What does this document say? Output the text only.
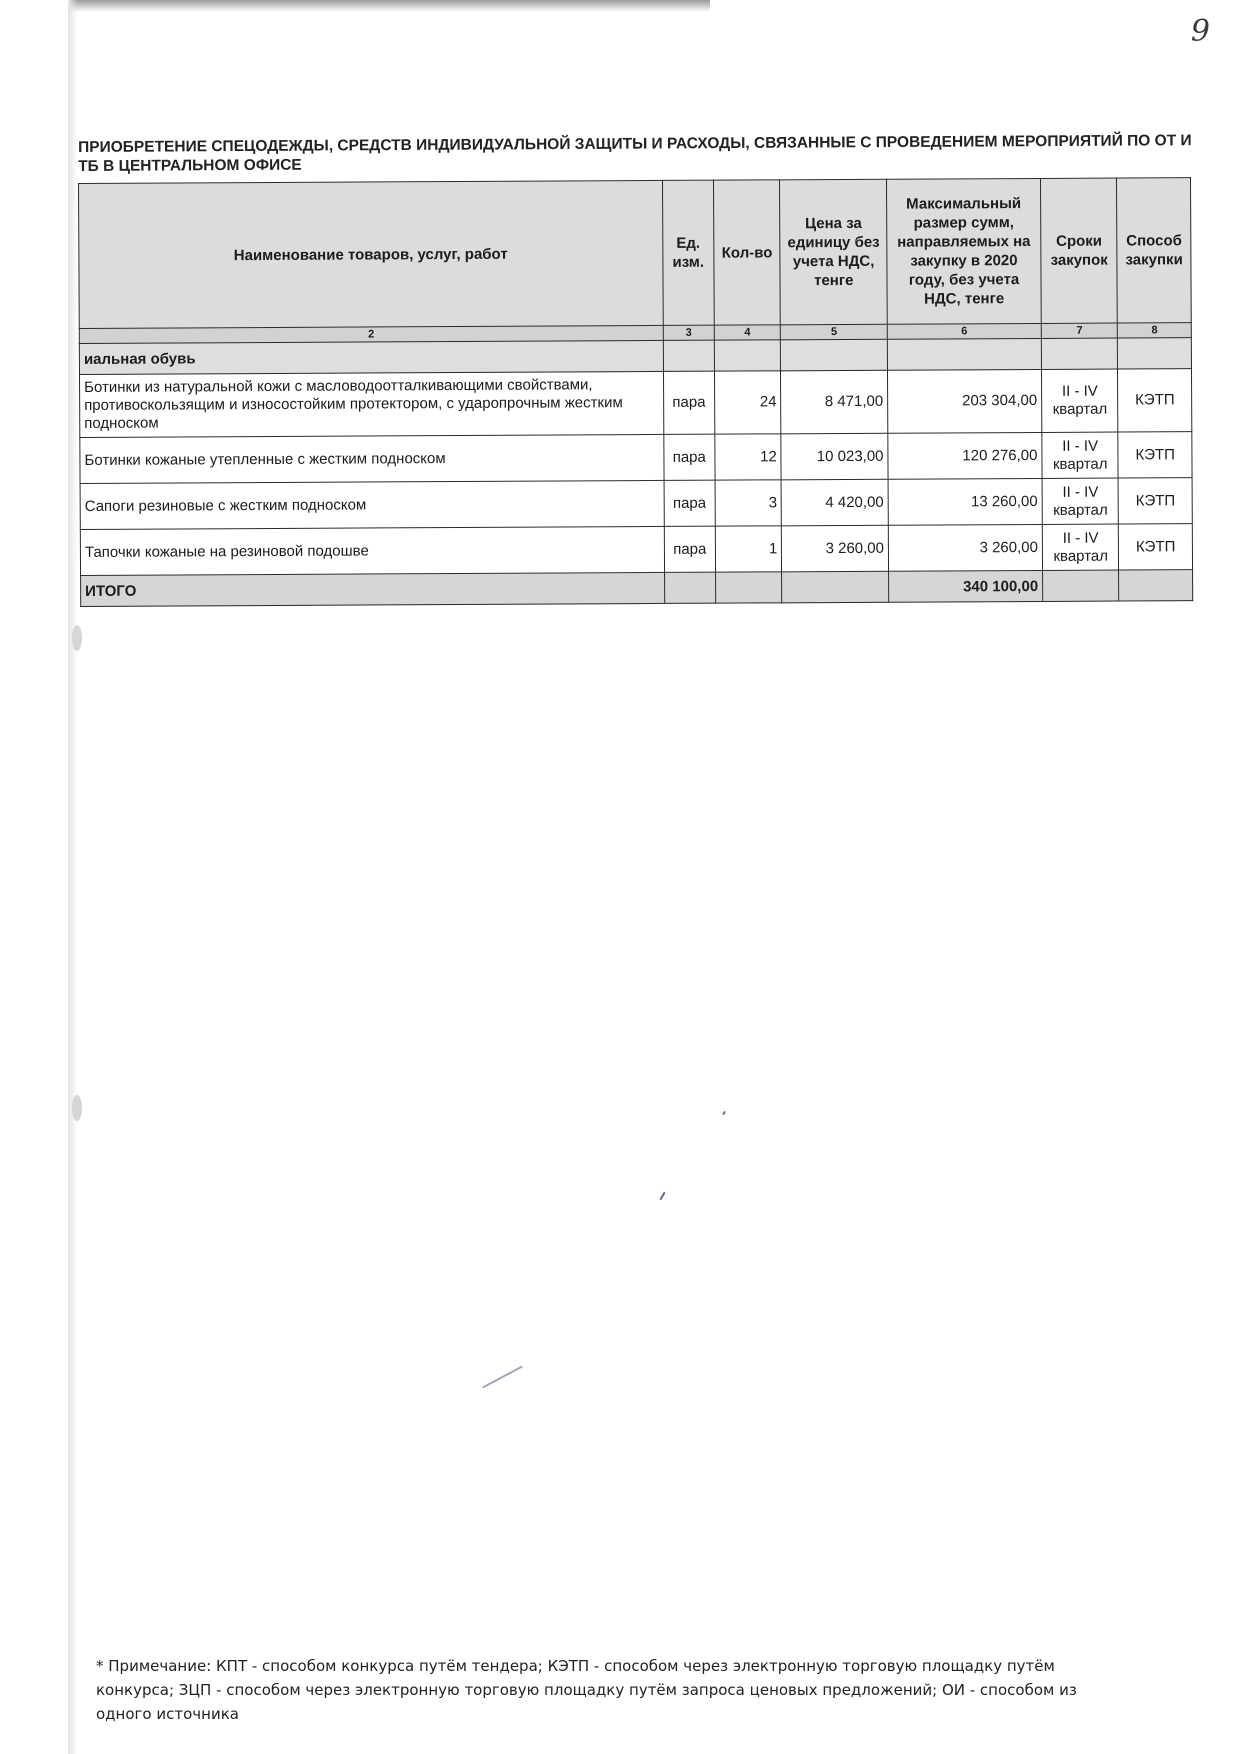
9
ПРИОБРЕТЕНИЕ СПЕЦОДЕЖДЫ, СРЕДСТВ ИНДИВИДУАЛЬНОЙ ЗАЩИТЫ И РАСХОДЫ, СВЯЗАННЫЕ С ПРОВЕДЕНИЕМ МЕРОПРИЯТИЙ ПО ОТ И ТБ В ЦЕНТРАЛЬНОМ ОФИСЕ
Наименование товаров, услуг, работ	Ед. изм.	Кол-во	Цена за единицу без учета НДС, тенге	Максимальный размер сумм, направляемых на закупку в 2020 году, без учета НДС, тенге	Сроки закупок	Способ закупки
2	3	4	5	6	7	8
иальная обувь						
Ботинки из натуральной кожи с масловодоотталкивающими свойствами, противоскользящим и износостойким протектором, с ударопрочным жестким подноском	пара	24	8 471,00	203 304,00	II - IV квартал	КЭТП
Ботинки кожаные утепленные с жестким подноском	пара	12	10 023,00	120 276,00	II - IV квартал	КЭТП
Сапоги резиновые с жестким подноском	пара	3	4 420,00	13 260,00	II - IV квартал	КЭТП
Тапочки кожаные на резиновой подошве	пара	1	3 260,00	3 260,00	II - IV квартал	КЭТП
ИТОГО				340 100,00		
* Примечание: КПТ - способом конкурса путём тендера; КЭТП - способом через электронную торговую площадку путём конкурса; ЗЦП - способом через электронную торговую площадку путём запроса ценовых предложений; ОИ - способом из одного источника
